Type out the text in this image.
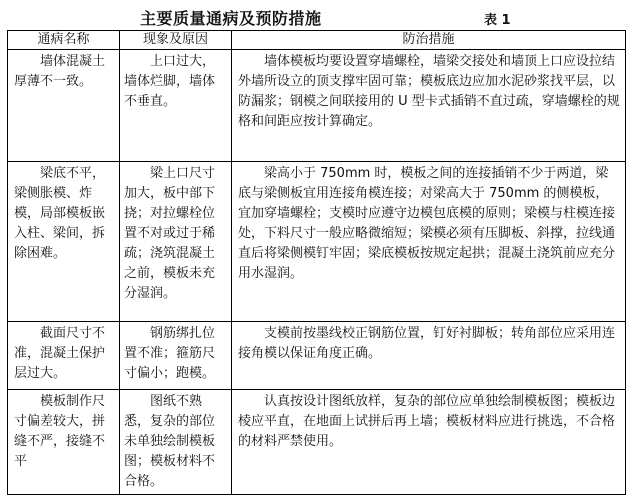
主要质量通病及预防措施	表 1
通病名称	现象及原因	防治措施
墙体混凝土厚薄不一致。	上口过大，墙体烂脚，墙体不垂直。	墙体模板均要设置穿墙螺栓，墙梁交接处和墙顶上口应设拉结外墙所设立的顶支撑牢固可靠；模板底边应加水泥砂浆找平层，以防漏浆；钢模之间联接用的 U 型卡式插销不直过疏，穿墙螺栓的规格和间距应按计算确定。
梁底不平，梁侧胀模、炸模，局部模板嵌入柱、梁间，拆除困难。	梁上口尺寸加大，板中部下挠；对拉螺栓位置不对或过于稀疏；浇筑混凝土之前，模板未充分湿润。	梁高小于 750mm 时，模板之间的连接插销不少于两道，梁底与梁侧板宜用连接角模连接；对梁高大于 750mm 的侧模板，宜加穿墙螺栓；支模时应遵守边模包底模的原则；梁模与柱模连接处，下料尺寸一般应略微缩短；梁模必须有压脚板、斜撑，拉线通直后将梁侧模钉牢固；梁底模板按规定起拱；混凝土浇筑前应充分用水湿润。
截面尺寸不准，混凝土保护层过大。	钢筋绑扎位置不准；箍筋尺寸偏小；跑模。	支模前按墨线校正钢筋位置，钉好衬脚板；转角部位应采用连接角模以保证角度正确。
模板制作尺寸偏差较大，拼缝不严，接缝不平	图纸不熟悉，复杂的部位未单独绘制模板图；模板材料不合格。	认真按设计图纸放样，复杂的部位应单独绘制模板图；模板边棱应平直，在地面上试拼后再上墙；模板材料应进行挑选，不合格的材料严禁使用。
